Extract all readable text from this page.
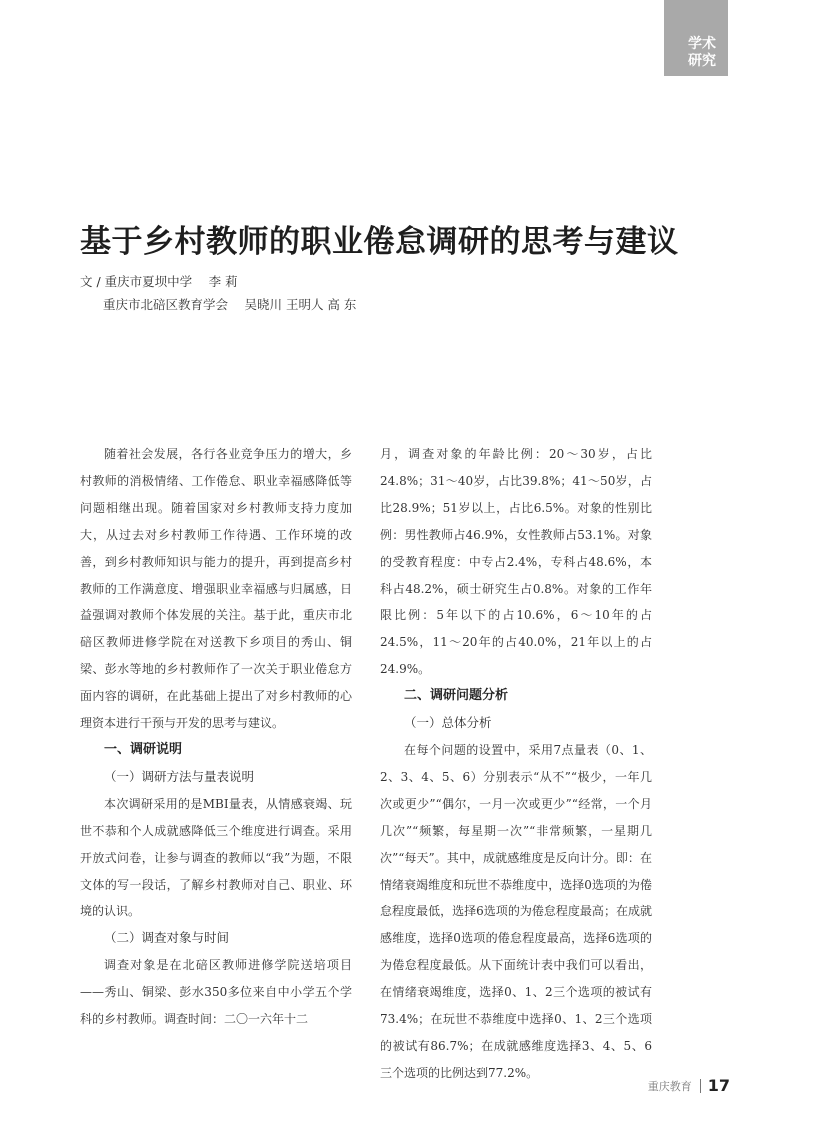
学术
研究
基于乡村教师的职业倦怠调研的思考与建议
文 / 重庆市夏坝中学　 李 莉
重庆市北碚区教育学会　 吴晓川 王明人 高 东

随着社会发展，各行各业竞争压力的增大，乡村教师的消极情绪、工作倦怠、职业幸福感降低等问题相继出现。随着国家对乡村教师支持力度加大，从过去对乡村教师工作待遇、工作环境的改善，到乡村教师知识与能力的提升，再到提高乡村教师的工作满意度、增强职业幸福感与归属感，日益强调对教师个体发展的关注。基于此，重庆市北碚区教师进修学院在对送教下乡项目的秀山、铜梁、彭水等地的乡村教师作了一次关于职业倦怠方面内容的调研，在此基础上提出了对乡村教师的心理资本进行干预与开发的思考与建议。

一、调研说明
（一）调研方法与量表说明

本次调研采用的是MBI量表，从情感衰竭、玩世不恭和个人成就感降低三个维度进行调查。采用开放式问卷，让参与调查的教师以“我”为题，不限文体的写一段话，了解乡村教师对自己、职业、环境的认识。

（二）调查对象与时间

调查对象是在北碚区教师进修学院送培项目——秀山、铜梁、彭水350多位来自中小学五个学科的乡村教师。调查时间：二〇一六年十二

月，调查对象的年龄比例：20～30岁，占比24.8%；31～40岁，占比39.8%；41～50岁，占比28.9%；51岁以上，占比6.5%。对象的性别比例：男性教师占46.9%，女性教师占53.1%。对象的受教育程度：中专占2.4%，专科占48.6%，本科占48.2%，硕士研究生占0.8%。对象的工作年限比例：5年以下的占10.6%，6～10年的占24.5%，11～20年的占40.0%，21年以上的占24.9%。

二、调研问题分析
（一）总体分析

在每个问题的设置中，采用7点量表（0、1、2、3、4、5、6）分别表示“从不”“极少，一年几次或更少”“偶尔，一月一次或更少”“经常，一个月几次”“频繁，每星期一次”“非常频繁，一星期几次”“每天”。其中，成就感维度是反向计分。即：在情绪衰竭维度和玩世不恭维度中，选择0选项的为倦怠程度最低，选择6选项的为倦怠程度最高；在成就感维度，选择0选项的倦怠程度最高，选择6选项的为倦怠程度最低。从下面统计表中我们可以看出，在情绪衰竭维度，选择0、1、2三个选项的被试有73.4%；在玩世不恭维度中选择0、1、2三个选项的被试有86.7%；在成就感维度选择3、4、5、6三个选项的比例达到77.2%。

重庆教育 17
